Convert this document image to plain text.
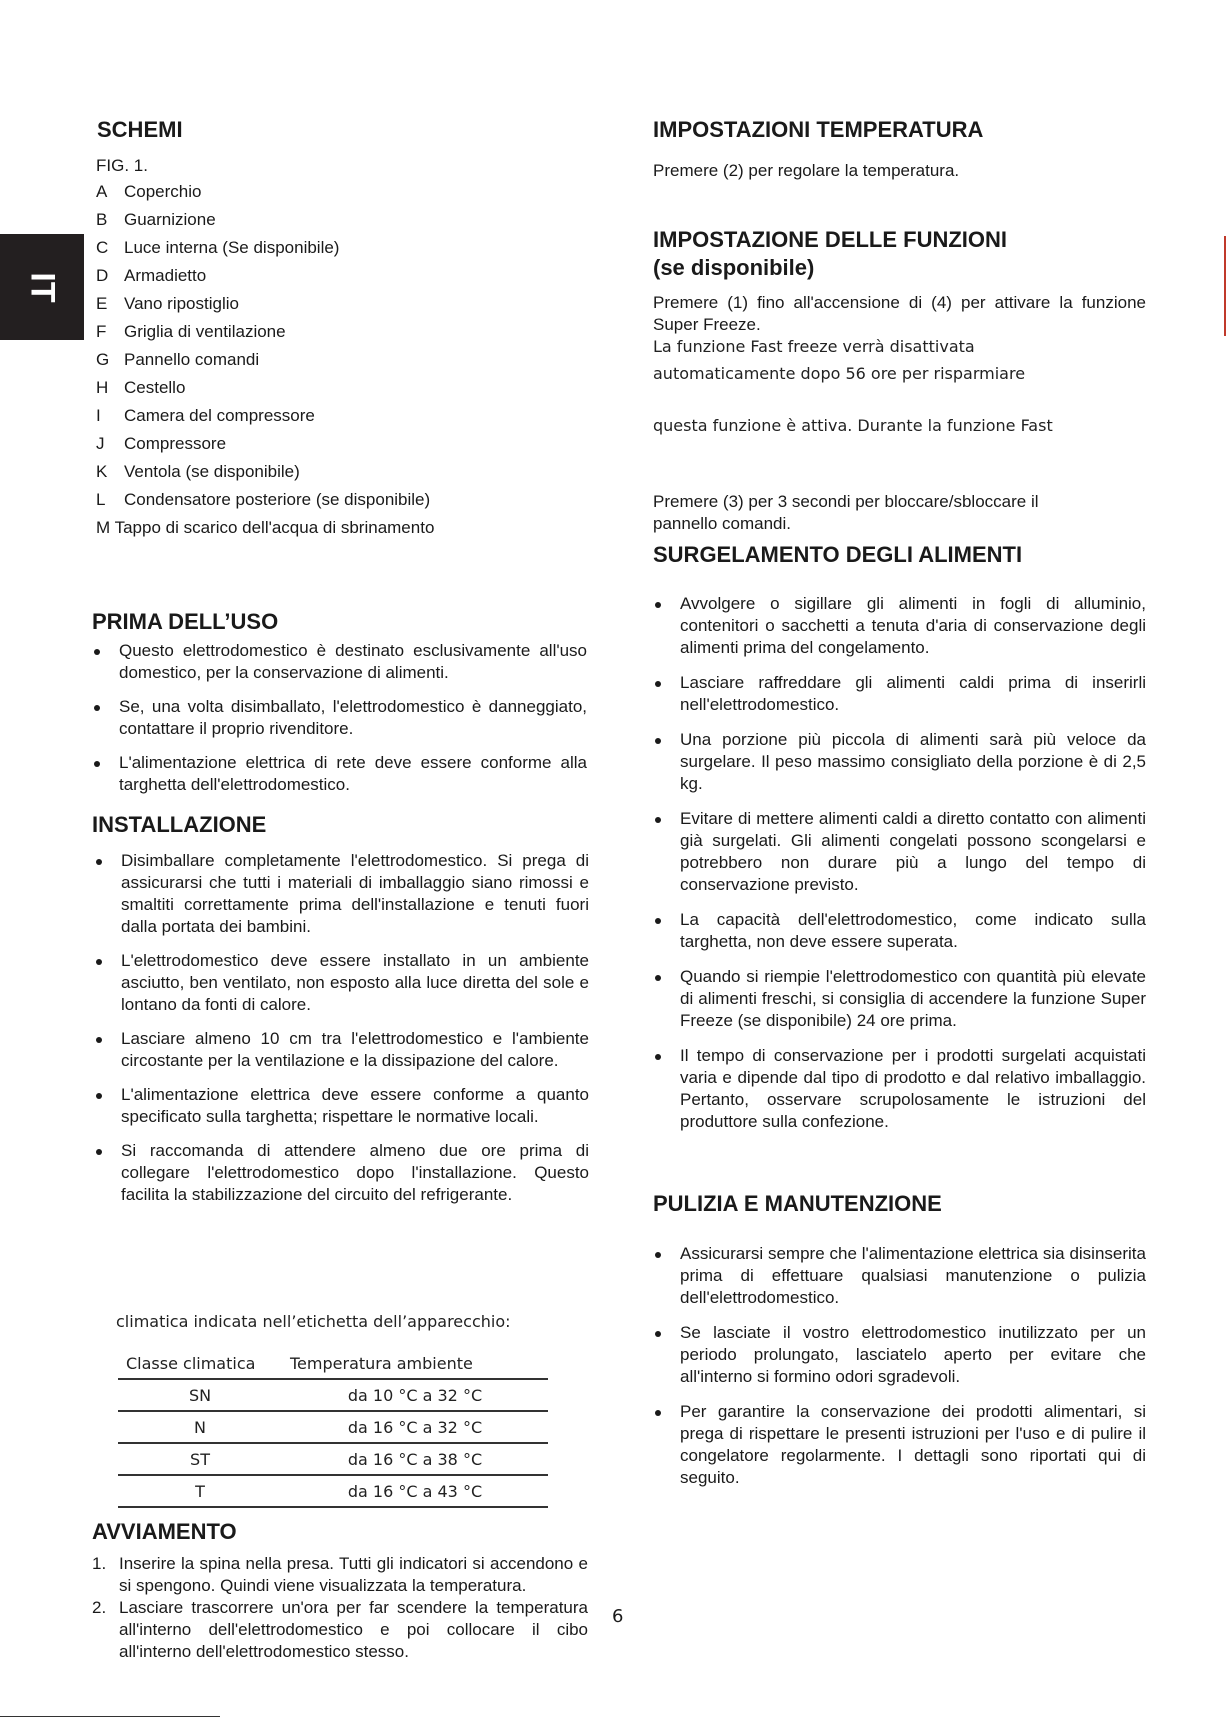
IT
SCHEMI

FIG. 1.

A Coperchio
B Guarnizione
C Luce interna (Se disponibile)
D Armadietto
E Vano ripostiglio
F Griglia di ventilazione
G Pannello comandi
H Cestello
I Camera del compressore
J Compressore
K Ventola (se disponibile)
L Condensatore posteriore (se disponibile)
M Tappo di scarico dell'acqua di sbrinamento
PRIMA DELL’USO
Questo elettrodomestico è destinato esclusivamente all'uso domestico, per la conservazione di alimenti.
Se, una volta disimballato, l'elettrodomestico è danneggiato, contattare il proprio rivenditore.
L'alimentazione elettrica di rete deve essere conforme alla targhetta dell'elettrodomestico.
INSTALLAZIONE
Disimballare completamente l'elettrodomestico. Si prega di assicurarsi che tutti i materiali di imballaggio siano rimossi e smaltiti correttamente prima dell'installazione e tenuti fuori dalla portata dei bambini.
L'elettrodomestico deve essere installato in un ambiente asciutto, ben ventilato, non esposto alla luce diretta del sole e lontano da fonti di calore.
Lasciare almeno 10 cm tra l'elettrodomestico e l'ambiente circostante per la ventilazione e la dissipazione del calore.
L'alimentazione elettrica deve essere conforme a quanto specificato sulla targhetta; rispettare le normative locali.
Si raccomanda di attendere almeno due ore prima di collegare l'elettrodomestico dopo l'installazione. Questo facilita la stabilizzazione del circuito del refrigerante.

climatica indicata nell’etichetta dell’apparecchio:

Classe climatica	Temperatura ambiente
SN	da 10 °C a 32 °C
N	da 16 °C a 32 °C
ST	da 16 °C a 38 °C
T	da 16 °C a 43 °C
AVVIAMENTO
1. Inserire la spina nella presa. Tutti gli indicatori si accendono e si spengono. Quindi viene visualizzata la temperatura.
2. Lasciare trascorrere un'ora per far scendere la temperatura all'interno dell'elettrodomestico e poi collocare il cibo all'interno dell'elettrodomestico stesso.
IMPOSTAZIONI TEMPERATURA

Premere (2) per regolare la temperatura.

IMPOSTAZIONE DELLE FUNZIONI
(se disponibile)

Premere (1) fino all'accensione di (4) per attivare la funzione Super Freeze.

La funzione Fast freeze verrà disattivata

automaticamente dopo 56 ore per risparmiare

questa funzione è attiva. Durante la funzione Fast

Premere (3) per 3 secondi per bloccare/sbloccare il pannello comandi.

SURGELAMENTO DEGLI ALIMENTI
Avvolgere o sigillare gli alimenti in fogli di alluminio, contenitori o sacchetti a tenuta d'aria di conservazione degli alimenti prima del congelamento.
Lasciare raffreddare gli alimenti caldi prima di inserirli nell'elettrodomestico.
Una porzione più piccola di alimenti sarà più veloce da surgelare. Il peso massimo consigliato della porzione è di 2,5 kg.
Evitare di mettere alimenti caldi a diretto contatto con alimenti già surgelati. Gli alimenti congelati possono scongelarsi e potrebbero non durare più a lungo del tempo di conservazione previsto.
La capacità dell'elettrodomestico, come indicato sulla targhetta, non deve essere superata.
Quando si riempie l'elettrodomestico con quantità più elevate di alimenti freschi, si consiglia di accendere la funzione Super Freeze (se disponibile) 24 ore prima.
Il tempo di conservazione per i prodotti surgelati acquistati varia e dipende dal tipo di prodotto e dal relativo imballaggio. Pertanto, osservare scrupolosamente le istruzioni del produttore sulla confezione.
PULIZIA E MANUTENZIONE
Assicurarsi sempre che l'alimentazione elettrica sia disinserita prima di effettuare qualsiasi manutenzione o pulizia dell'elettrodomestico.
Se lasciate il vostro elettrodomestico inutilizzato per un periodo prolungato, lasciatelo aperto per evitare che all'interno si formino odori sgradevoli.
Per garantire la conservazione dei prodotti alimentari, si prega di rispettare le presenti istruzioni per l'uso e di pulire il congelatore regolarmente. I dettagli sono riportati qui di seguito.
6
